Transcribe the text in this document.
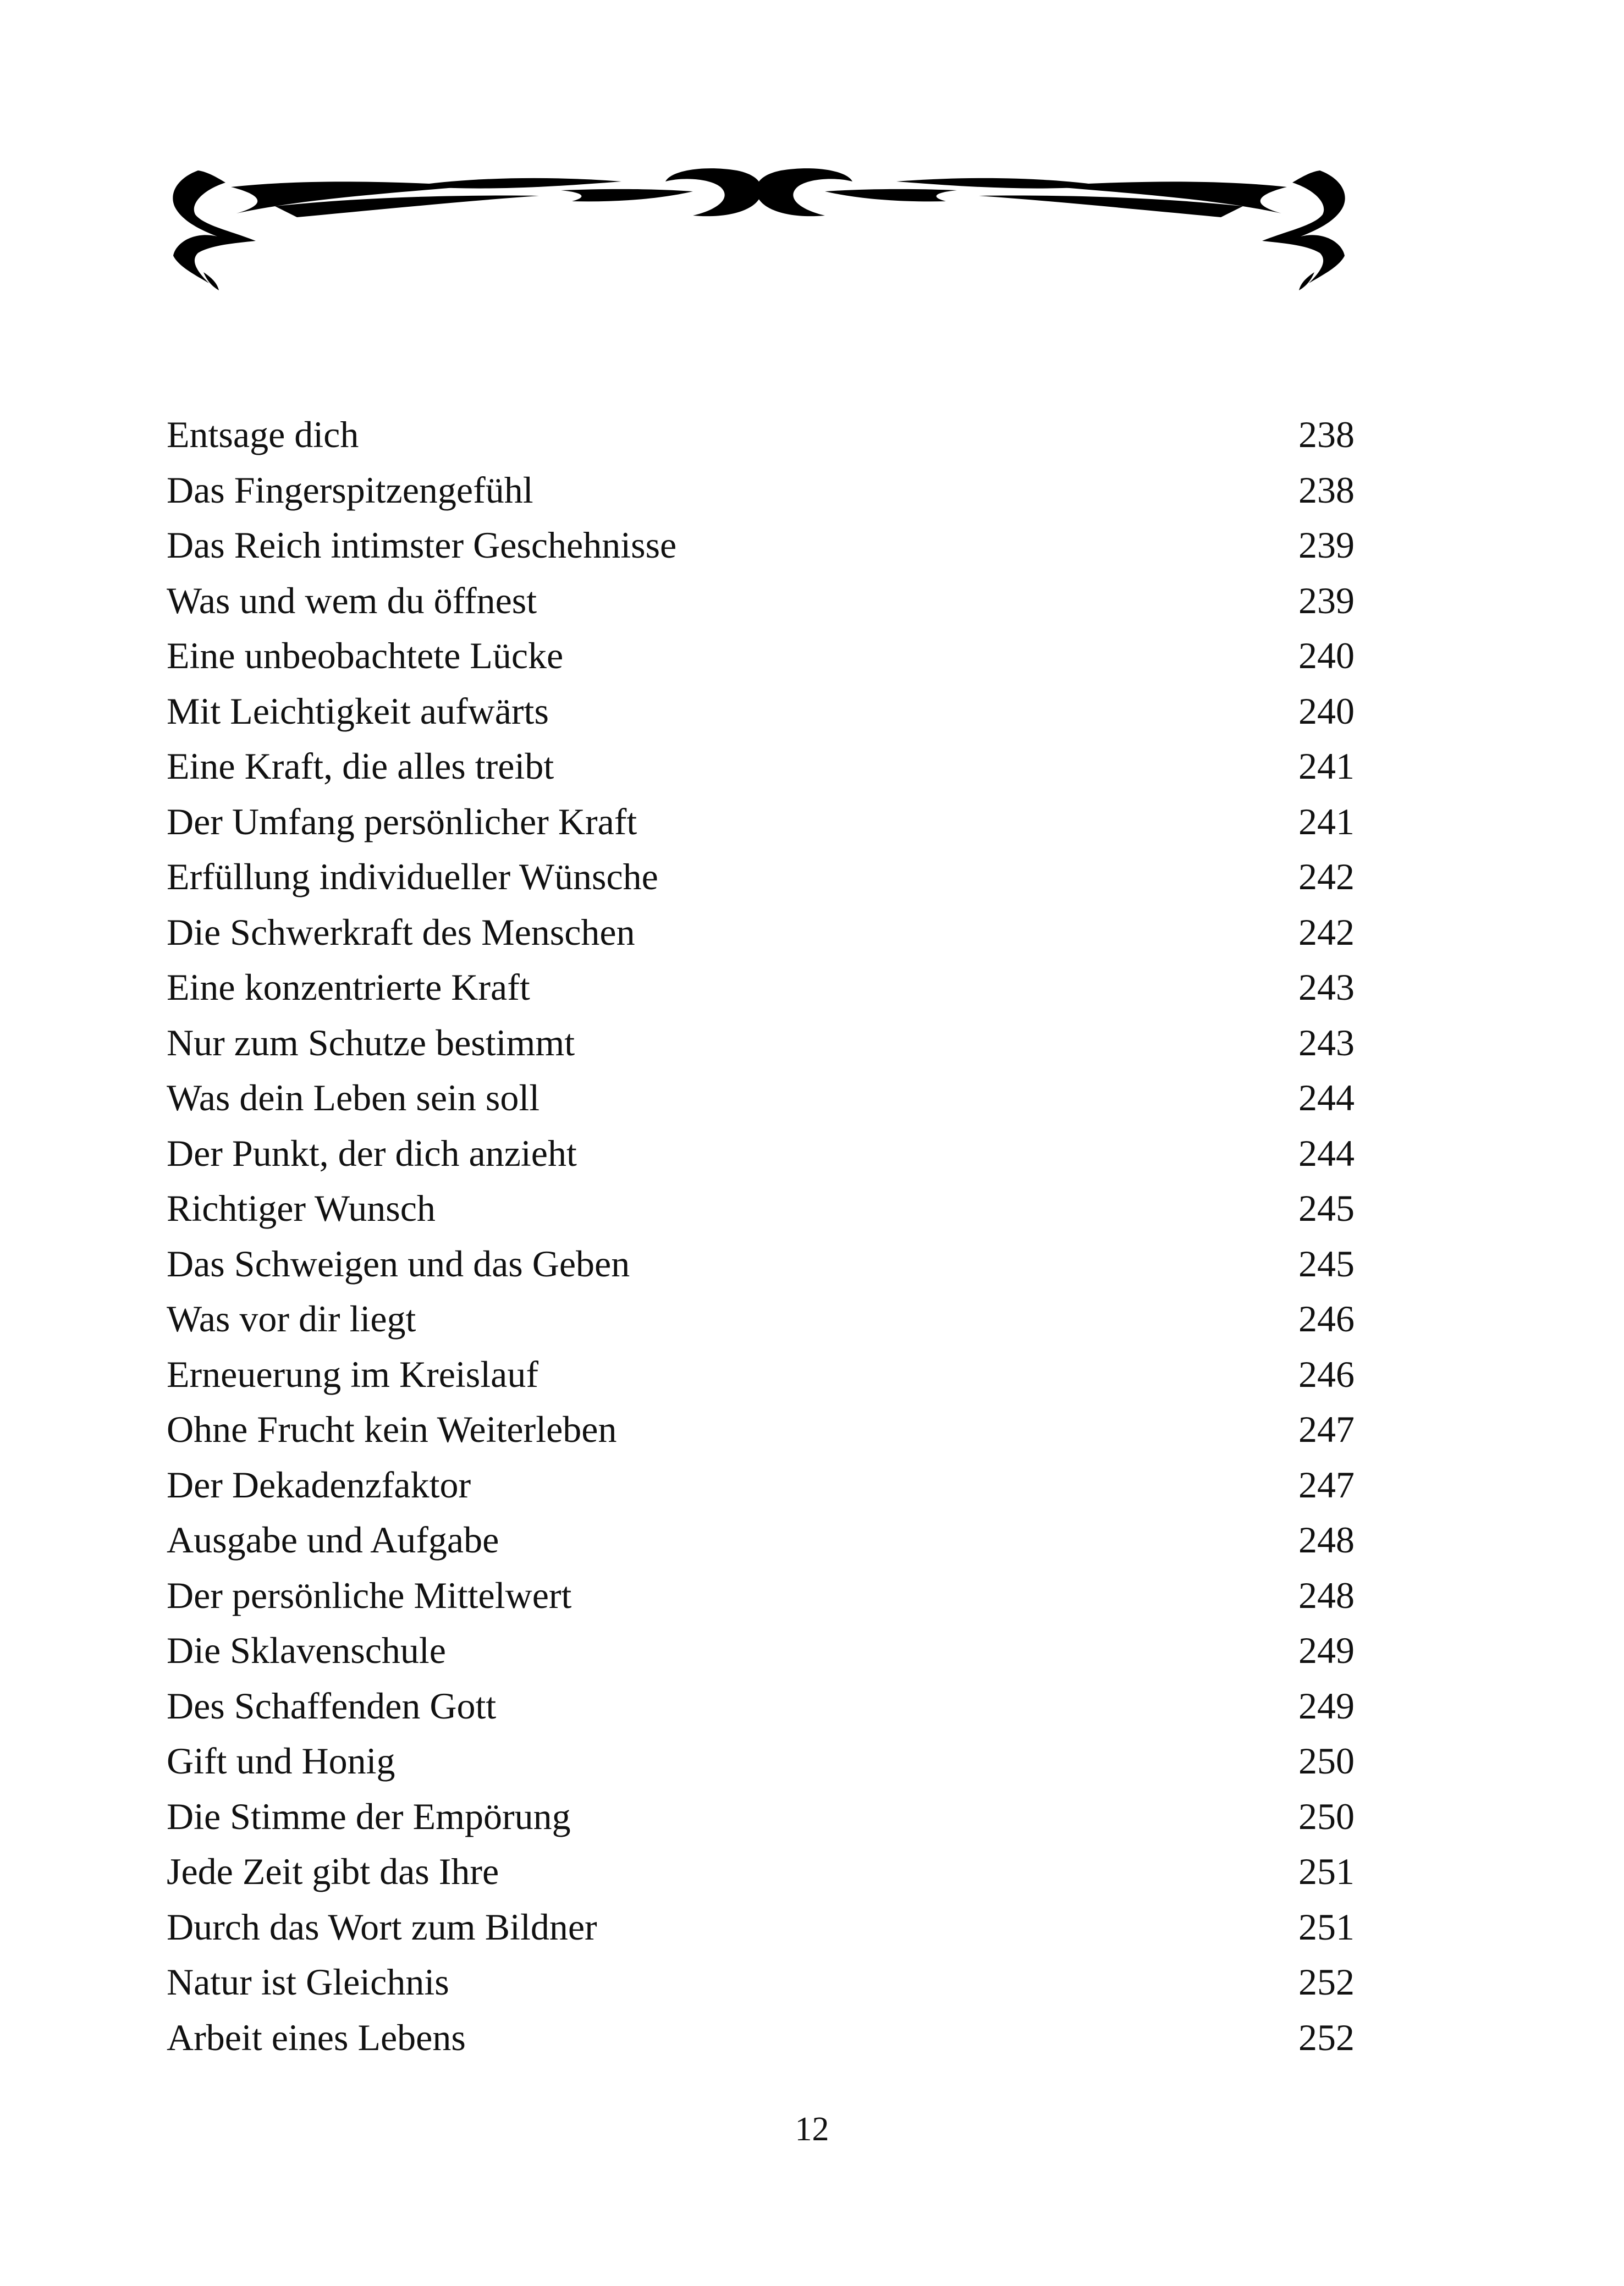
Entsage dich	238
Das Fingerspitzengefühl	238
Das Reich intimster Geschehnisse	239
Was und wem du öffnest	239
Eine unbeobachtete Lücke	240
Mit Leichtigkeit aufwärts	240
Eine Kraft, die alles treibt	241
Der Umfang persönlicher Kraft	241
Erfüllung individueller Wünsche	242
Die Schwerkraft des Menschen	242
Eine konzentrierte Kraft	243
Nur zum Schutze bestimmt	243
Was dein Leben sein soll	244
Der Punkt, der dich anzieht	244
Richtiger Wunsch	245
Das Schweigen und das Geben	245
Was vor dir liegt	246
Erneuerung im Kreislauf	246
Ohne Frucht kein Weiterleben	247
Der Dekadenzfaktor	247
Ausgabe und Aufgabe	248
Der persönliche Mittelwert	248
Die Sklavenschule	249
Des Schaffenden Gott	249
Gift und Honig	250
Die Stimme der Empörung	250
Jede Zeit gibt das Ihre	251
Durch das Wort zum Bildner	251
Natur ist Gleichnis	252
Arbeit eines Lebens	252
12
